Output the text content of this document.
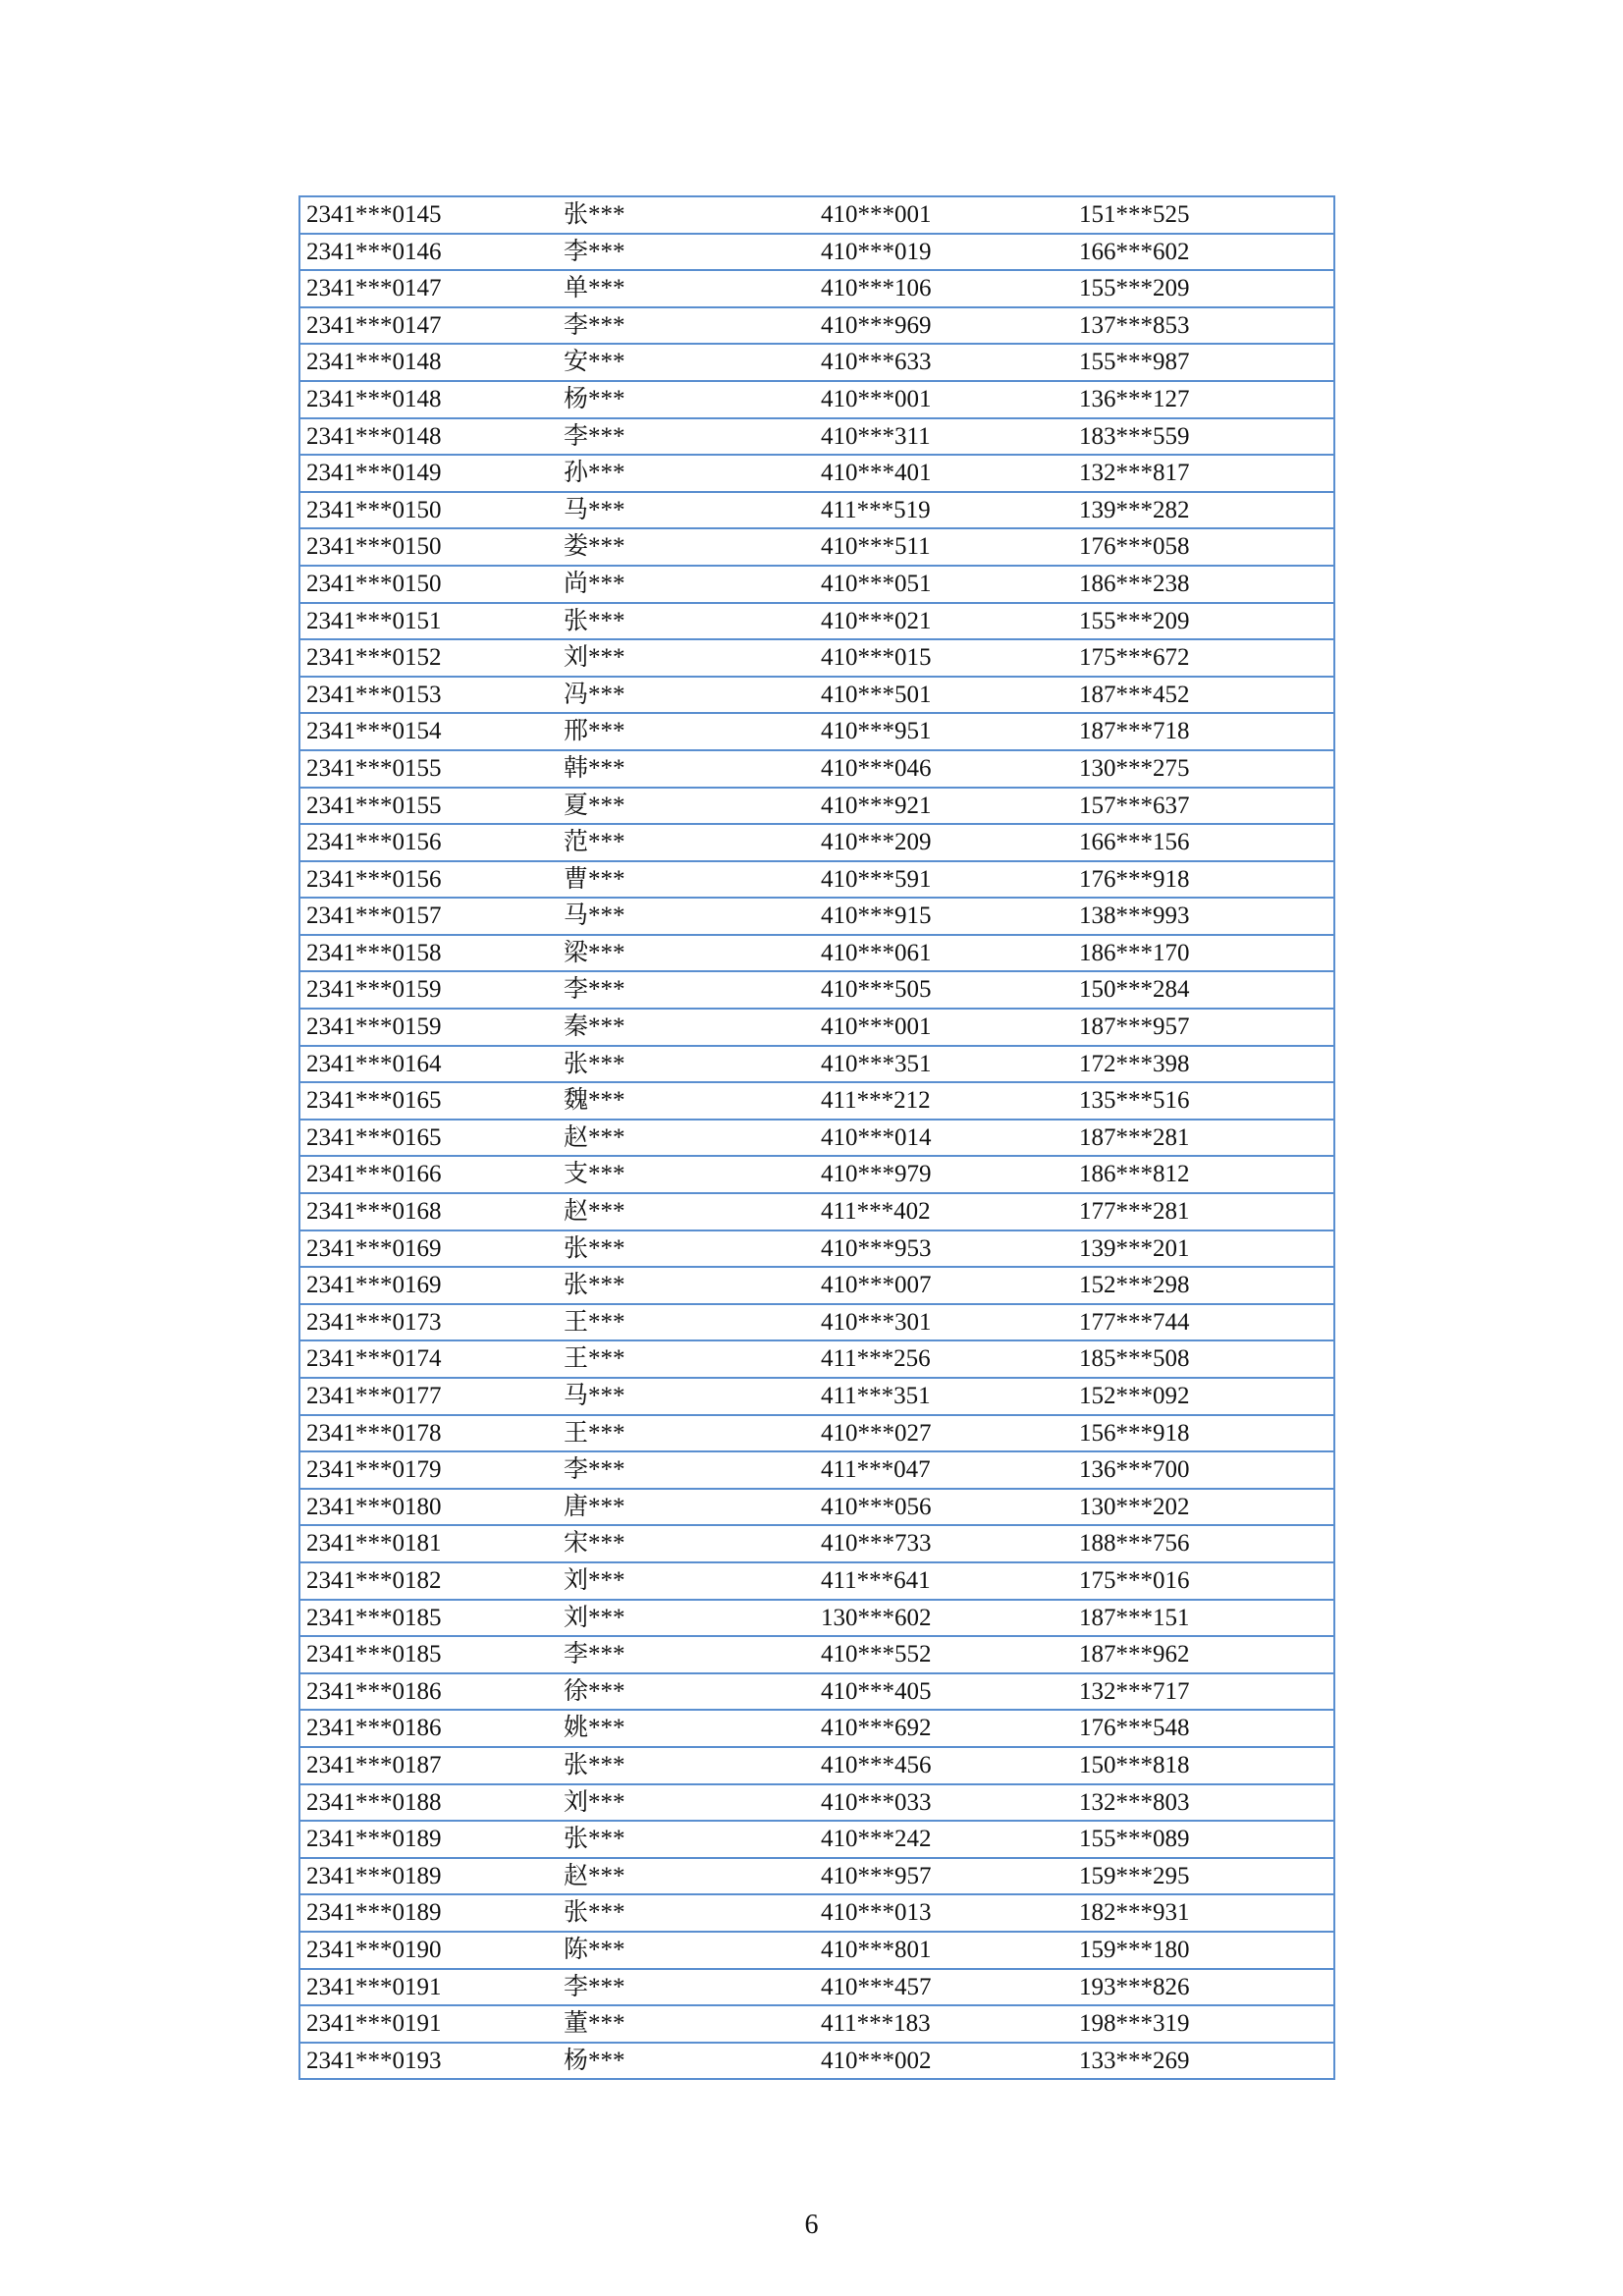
2341***0145	张***	410***001	151***525
2341***0146	李***	410***019	166***602
2341***0147	单***	410***106	155***209
2341***0147	李***	410***969	137***853
2341***0148	安***	410***633	155***987
2341***0148	杨***	410***001	136***127
2341***0148	李***	410***311	183***559
2341***0149	孙***	410***401	132***817
2341***0150	马***	411***519	139***282
2341***0150	娄***	410***511	176***058
2341***0150	尚***	410***051	186***238
2341***0151	张***	410***021	155***209
2341***0152	刘***	410***015	175***672
2341***0153	冯***	410***501	187***452
2341***0154	邢***	410***951	187***718
2341***0155	韩***	410***046	130***275
2341***0155	夏***	410***921	157***637
2341***0156	范***	410***209	166***156
2341***0156	曹***	410***591	176***918
2341***0157	马***	410***915	138***993
2341***0158	梁***	410***061	186***170
2341***0159	李***	410***505	150***284
2341***0159	秦***	410***001	187***957
2341***0164	张***	410***351	172***398
2341***0165	魏***	411***212	135***516
2341***0165	赵***	410***014	187***281
2341***0166	支***	410***979	186***812
2341***0168	赵***	411***402	177***281
2341***0169	张***	410***953	139***201
2341***0169	张***	410***007	152***298
2341***0173	王***	410***301	177***744
2341***0174	王***	411***256	185***508
2341***0177	马***	411***351	152***092
2341***0178	王***	410***027	156***918
2341***0179	李***	411***047	136***700
2341***0180	唐***	410***056	130***202
2341***0181	宋***	410***733	188***756
2341***0182	刘***	411***641	175***016
2341***0185	刘***	130***602	187***151
2341***0185	李***	410***552	187***962
2341***0186	徐***	410***405	132***717
2341***0186	姚***	410***692	176***548
2341***0187	张***	410***456	150***818
2341***0188	刘***	410***033	132***803
2341***0189	张***	410***242	155***089
2341***0189	赵***	410***957	159***295
2341***0189	张***	410***013	182***931
2341***0190	陈***	410***801	159***180
2341***0191	李***	410***457	193***826
2341***0191	董***	411***183	198***319
2341***0193	杨***	410***002	133***269
6
